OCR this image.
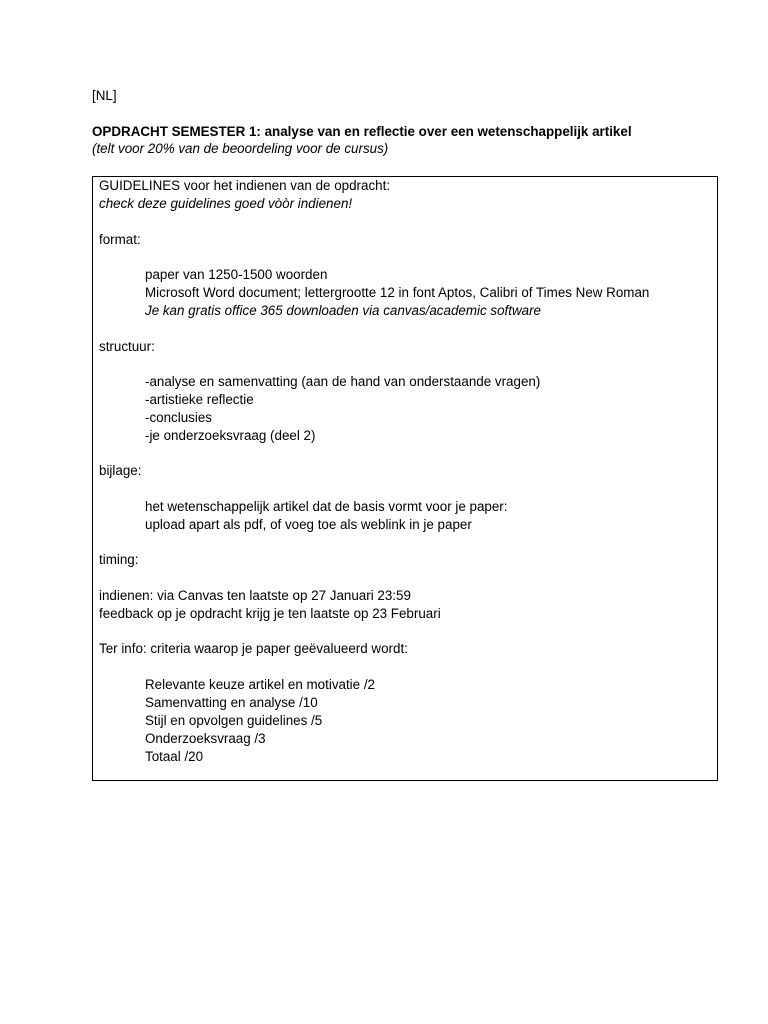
[NL]
OPDRACHT SEMESTER 1: analyse van en reflectie over een wetenschappelijk artikel
(telt voor 20% van de beoordeling voor de cursus)
GUIDELINES voor het indienen van de opdracht:
check deze guidelines goed vòòr indienen!
format:
paper van 1250-1500 woorden
Microsoft Word document; lettergrootte 12 in font Aptos, Calibri of Times New Roman
Je kan gratis office 365 downloaden via canvas/academic software
structuur:
-analyse en samenvatting (aan de hand van onderstaande vragen)
-artistieke reflectie
-conclusies
-je onderzoeksvraag (deel 2)
bijlage:
het wetenschappelijk artikel dat de basis vormt voor je paper:
upload apart als pdf, of voeg toe als weblink in je paper
timing:
indienen: via Canvas ten laatste op 27 Januari 23:59
feedback op je opdracht krijg je ten laatste op 23 Februari
Ter info: criteria waarop je paper geëvalueerd wordt:
Relevante keuze artikel en motivatie /2
Samenvatting en analyse /10
Stijl en opvolgen guidelines /5
Onderzoeksvraag /3
Totaal /20
